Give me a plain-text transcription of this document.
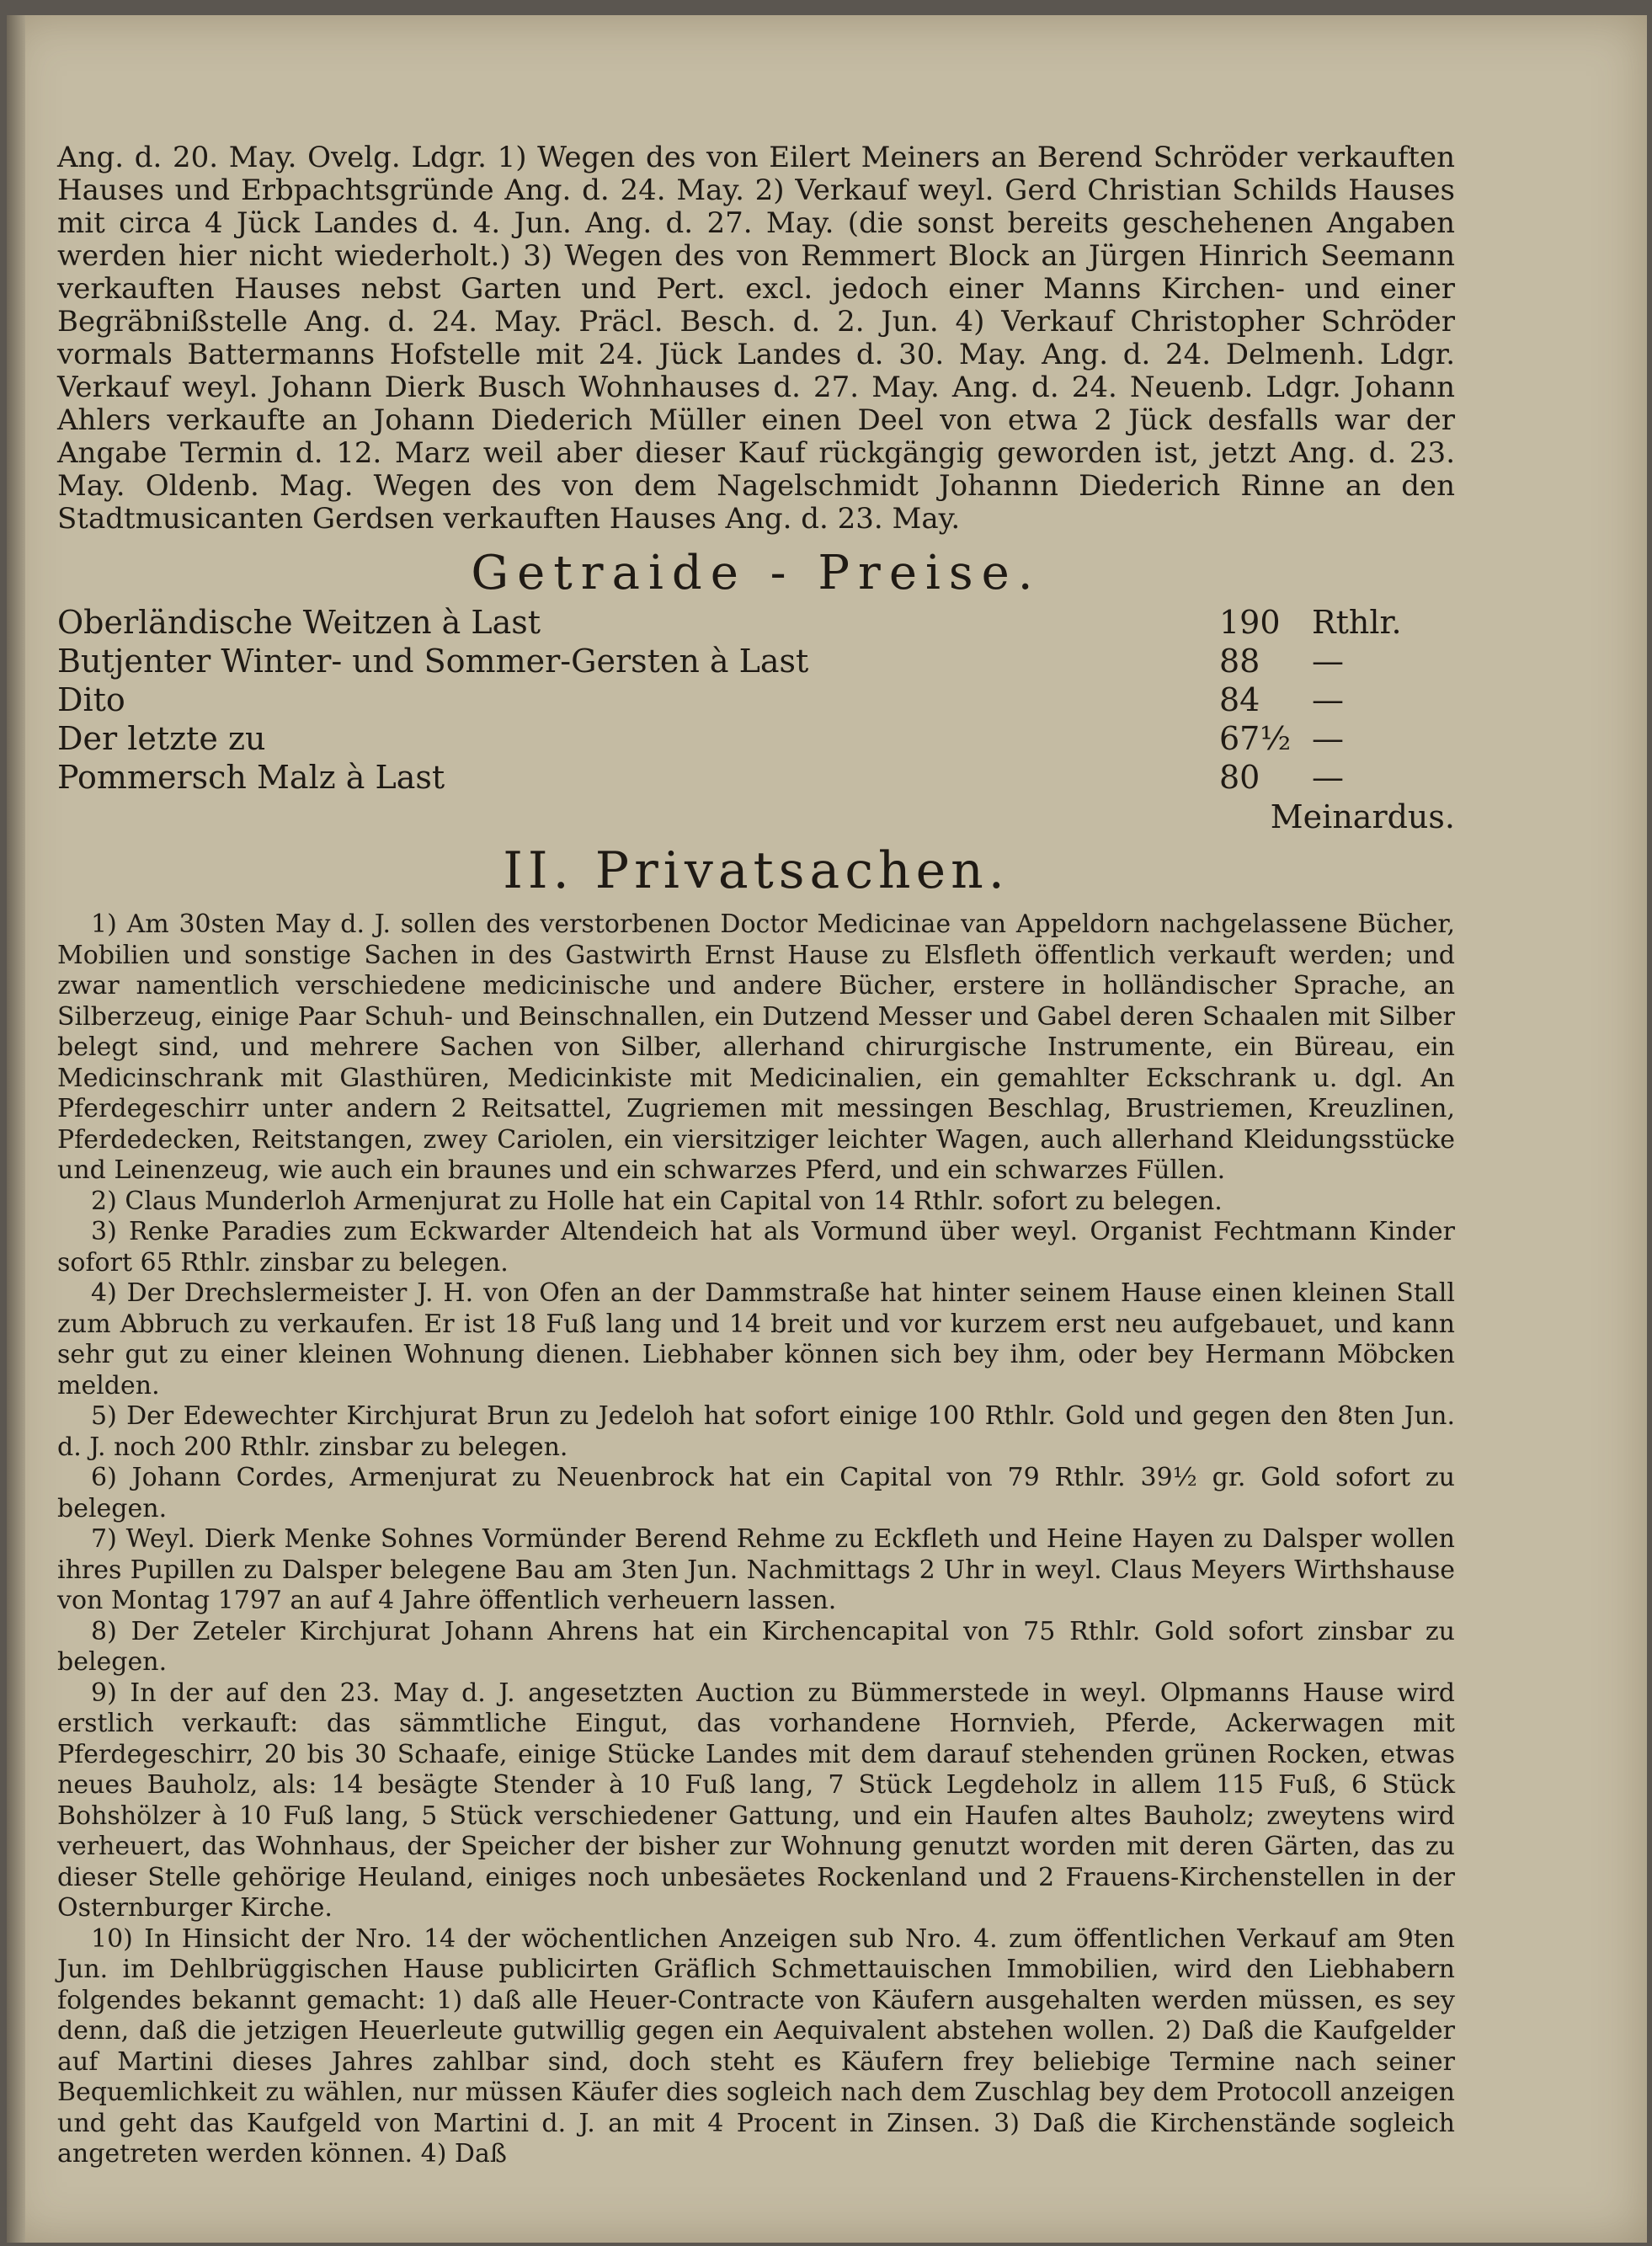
Ang. d. 20. May. Ovelg. Ldgr. 1) Wegen des von Eilert Meiners an Berend Schröder verkauften Hauses und Erbpachtsgründe Ang. d. 24. May. 2) Verkauf weyl. Gerd Christian Schilds Hauses mit circa 4 Jück Landes d. 4. Jun. Ang. d. 27. May. (die sonst bereits geschehenen Angaben werden hier nicht wiederholt.) 3) Wegen des von Remmert Block an Jürgen Hinrich Seemann verkauften Hauses nebst Garten und Pert. excl. jedoch einer Manns Kirchen- und einer Begräbnißstelle Ang. d. 24. May. Präcl. Besch. d. 2. Jun. 4) Verkauf Christopher Schröder vormals Battermanns Hofstelle mit 24. Jück Landes d. 30. May. Ang. d. 24. Delmenh. Ldgr. Verkauf weyl. Johann Dierk Busch Wohnhauses d. 27. May. Ang. d. 24. Neuenb. Ldgr. Johann Ahlers verkaufte an Johann Diederich Müller einen Deel von etwa 2 Jück desfalls war der Angabe Termin d. 12. Marz weil aber dieser Kauf rückgängig geworden ist, jetzt Ang. d. 23. May. Oldenb. Mag. Wegen des von dem Nagelschmidt Johannn Diederich Rinne an den Stadtmusicanten Gerdsen verkauften Hauses Ang. d. 23. May.

Getraide - Preise.

Oberländische Weitzen à Last	190	Rthlr.
Butjenter Winter- und Sommer-Gersten à Last	88	—
Dito	84	—
Der letzte zu	67½	—
Pommersch Malz à Last	80	—

Meinardus.

II. Privatsachen.

1) Am 30sten May d. J. sollen des verstorbenen Doctor Medicinae van Appeldorn nachgelassene Bücher, Mobilien und sonstige Sachen in des Gastwirth Ernst Hause zu Elsfleth öffentlich verkauft werden; und zwar namentlich verschiedene medicinische und andere Bücher, erstere in holländischer Sprache, an Silberzeug, einige Paar Schuh- und Beinschnallen, ein Dutzend Messer und Gabel deren Schaalen mit Silber belegt sind, und mehrere Sachen von Silber, allerhand chirurgische Instrumente, ein Büreau, ein Medicinschrank mit Glasthüren, Medicinkiste mit Medicinalien, ein gemahlter Eckschrank u. dgl. An Pferdegeschirr unter andern 2 Reitsattel, Zugriemen mit messingen Beschlag, Brustriemen, Kreuzlinen, Pferdedecken, Reitstangen, zwey Cariolen, ein viersitziger leichter Wagen, auch allerhand Kleidungsstücke und Leinenzeug, wie auch ein braunes und ein schwarzes Pferd, und ein schwarzes Füllen.

2) Claus Munderloh Armenjurat zu Holle hat ein Capital von 14 Rthlr. sofort zu belegen.

3) Renke Paradies zum Eckwarder Altendeich hat als Vormund über weyl. Organist Fechtmann Kinder sofort 65 Rthlr. zinsbar zu belegen.

4) Der Drechslermeister J. H. von Ofen an der Dammstraße hat hinter seinem Hause einen kleinen Stall zum Abbruch zu verkaufen. Er ist 18 Fuß lang und 14 breit und vor kurzem erst neu aufgebauet, und kann sehr gut zu einer kleinen Wohnung dienen. Liebhaber können sich bey ihm, oder bey Hermann Möbcken melden.

5) Der Edewechter Kirchjurat Brun zu Jedeloh hat sofort einige 100 Rthlr. Gold und gegen den 8ten Jun. d. J. noch 200 Rthlr. zinsbar zu belegen.

6) Johann Cordes, Armenjurat zu Neuenbrock hat ein Capital von 79 Rthlr. 39½ gr. Gold sofort zu belegen.

7) Weyl. Dierk Menke Sohnes Vormünder Berend Rehme zu Eckfleth und Heine Hayen zu Dalsper wollen ihres Pupillen zu Dalsper belegene Bau am 3ten Jun. Nachmittags 2 Uhr in weyl. Claus Meyers Wirthshause von Montag 1797 an auf 4 Jahre öffentlich verheuern lassen.

8) Der Zeteler Kirchjurat Johann Ahrens hat ein Kirchencapital von 75 Rthlr. Gold sofort zinsbar zu belegen.

9) In der auf den 23. May d. J. angesetzten Auction zu Bümmerstede in weyl. Olpmanns Hause wird erstlich verkauft: das sämmtliche Eingut, das vorhandene Hornvieh, Pferde, Ackerwagen mit Pferdegeschirr, 20 bis 30 Schaafe, einige Stücke Landes mit dem darauf stehenden grünen Rocken, etwas neues Bauholz, als: 14 besägte Stender à 10 Fuß lang, 7 Stück Legdeholz in allem 115 Fuß, 6 Stück Bohshölzer à 10 Fuß lang, 5 Stück verschiedener Gattung, und ein Haufen altes Bauholz; zweytens wird verheuert, das Wohnhaus, der Speicher der bisher zur Wohnung genutzt worden mit deren Gärten, das zu dieser Stelle gehörige Heuland, einiges noch unbesäetes Rockenland und 2 Frauens-Kirchenstellen in der Osternburger Kirche.

10) In Hinsicht der Nro. 14 der wöchentlichen Anzeigen sub Nro. 4. zum öffentlichen Verkauf am 9ten Jun. im Dehlbrüggischen Hause publicirten Gräflich Schmettauischen Immobilien, wird den Liebhabern folgendes bekannt gemacht: 1) daß alle Heuer-Contracte von Käufern ausgehalten werden müssen, es sey denn, daß die jetzigen Heuerleute gutwillig gegen ein Aequivalent abstehen wollen. 2) Daß die Kaufgelder auf Martini dieses Jahres zahlbar sind, doch steht es Käufern frey beliebige Termine nach seiner Bequemlichkeit zu wählen, nur müssen Käufer dies sogleich nach dem Zuschlag bey dem Protocoll anzeigen und geht das Kaufgeld von Martini d. J. an mit 4 Procent in Zinsen. 3) Daß die Kirchenstände sogleich angetreten werden können. 4) Daß
